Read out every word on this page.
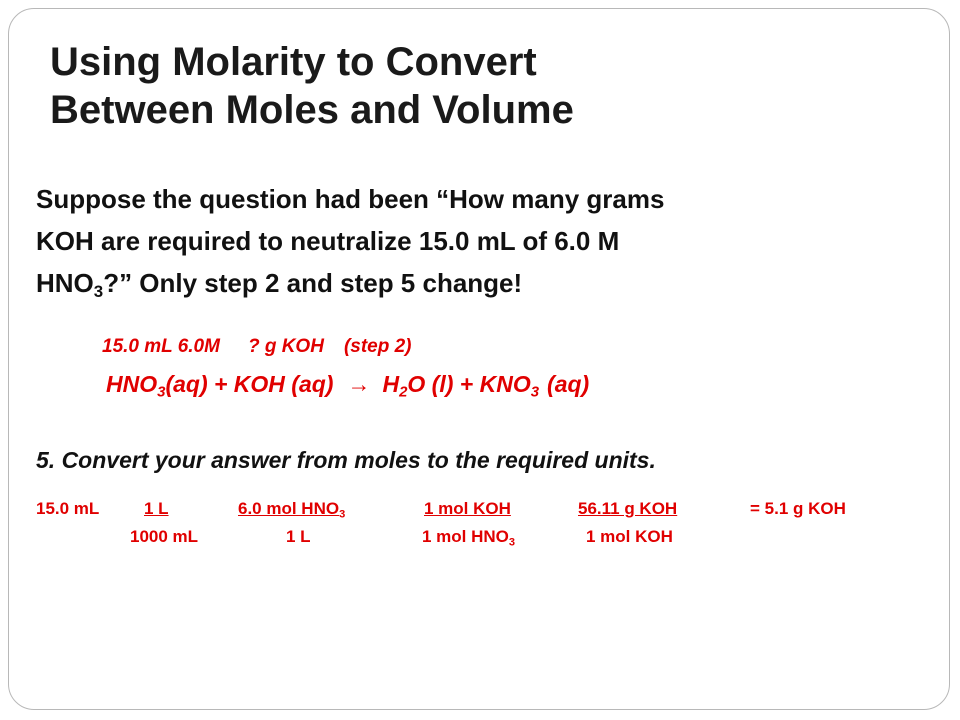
Using Molarity to Convert
Between Moles and Volume
Suppose the question had been “How many grams
KOH are required to neutralize 15.0 mL of 6.0 M
$HNO_3$?” Only step 2 and step 5 change!
15.0 mL 6.0M ? g KOH (step 2)
$HNO_3(aq)$ + KOH $(aq) \to H_2O$ $(l) + KNO_3$ (aq)
5. Convert your answer from moles to the required units.
15.0 mL	1 L
1000 mL
6.0 mol $HNO_3$
1 L
1 mol KOH
1 mol $HNO_3$
56.11 g KOH
1 mol KOH
= 5.1 g KOH
